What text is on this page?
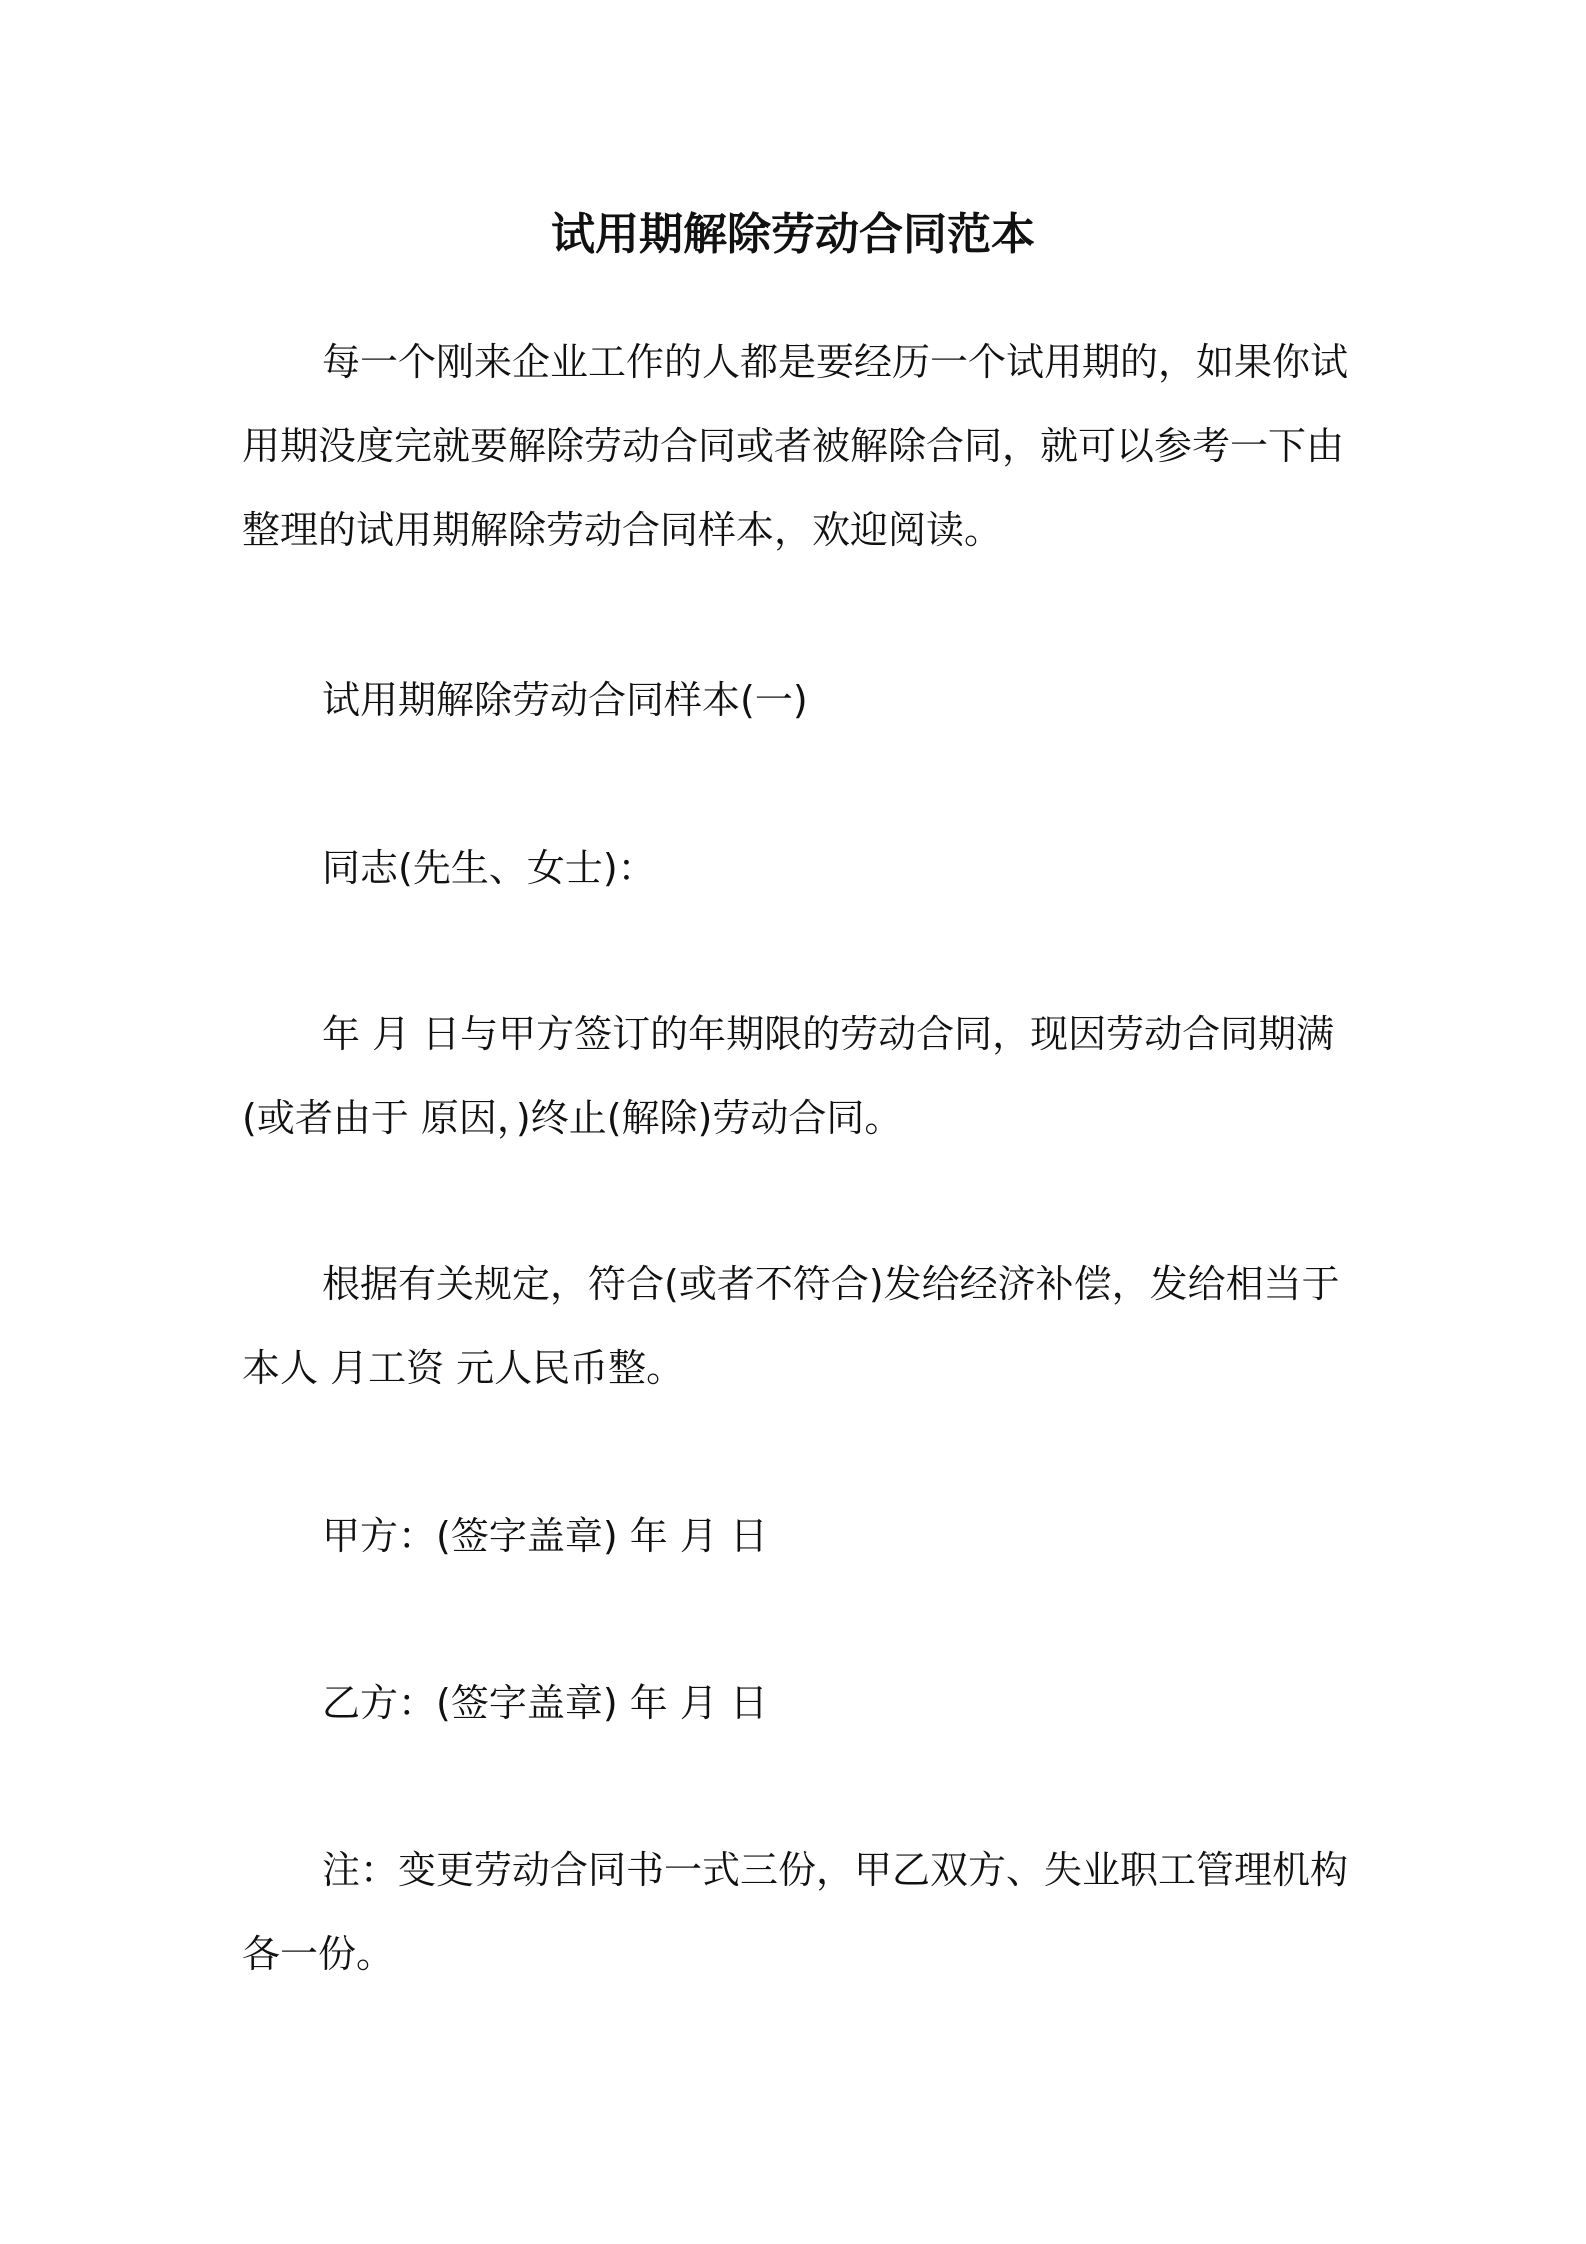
试用期解除劳动合同范本

每一个刚来企业工作的人都是要经历一个试用期的，如果你试用期没度完就要解除劳动合同或者被解除合同，就可以参考一下由整理的试用期解除劳动合同样本，欢迎阅读。

试用期解除劳动合同样本(一)

同志(先生、女士)：

年 月 日与甲方签订的年期限的劳动合同，现因劳动合同期满(或者由于 原因，)终止(解除)劳动合同。

根据有关规定，符合(或者不符合)发给经济补偿，发给相当于本人 月工资 元人民币整。

甲方：(签字盖章) 年 月 日

乙方：(签字盖章) 年 月 日

注：变更劳动合同书一式三份，甲乙双方、失业职工管理机构各一份。
